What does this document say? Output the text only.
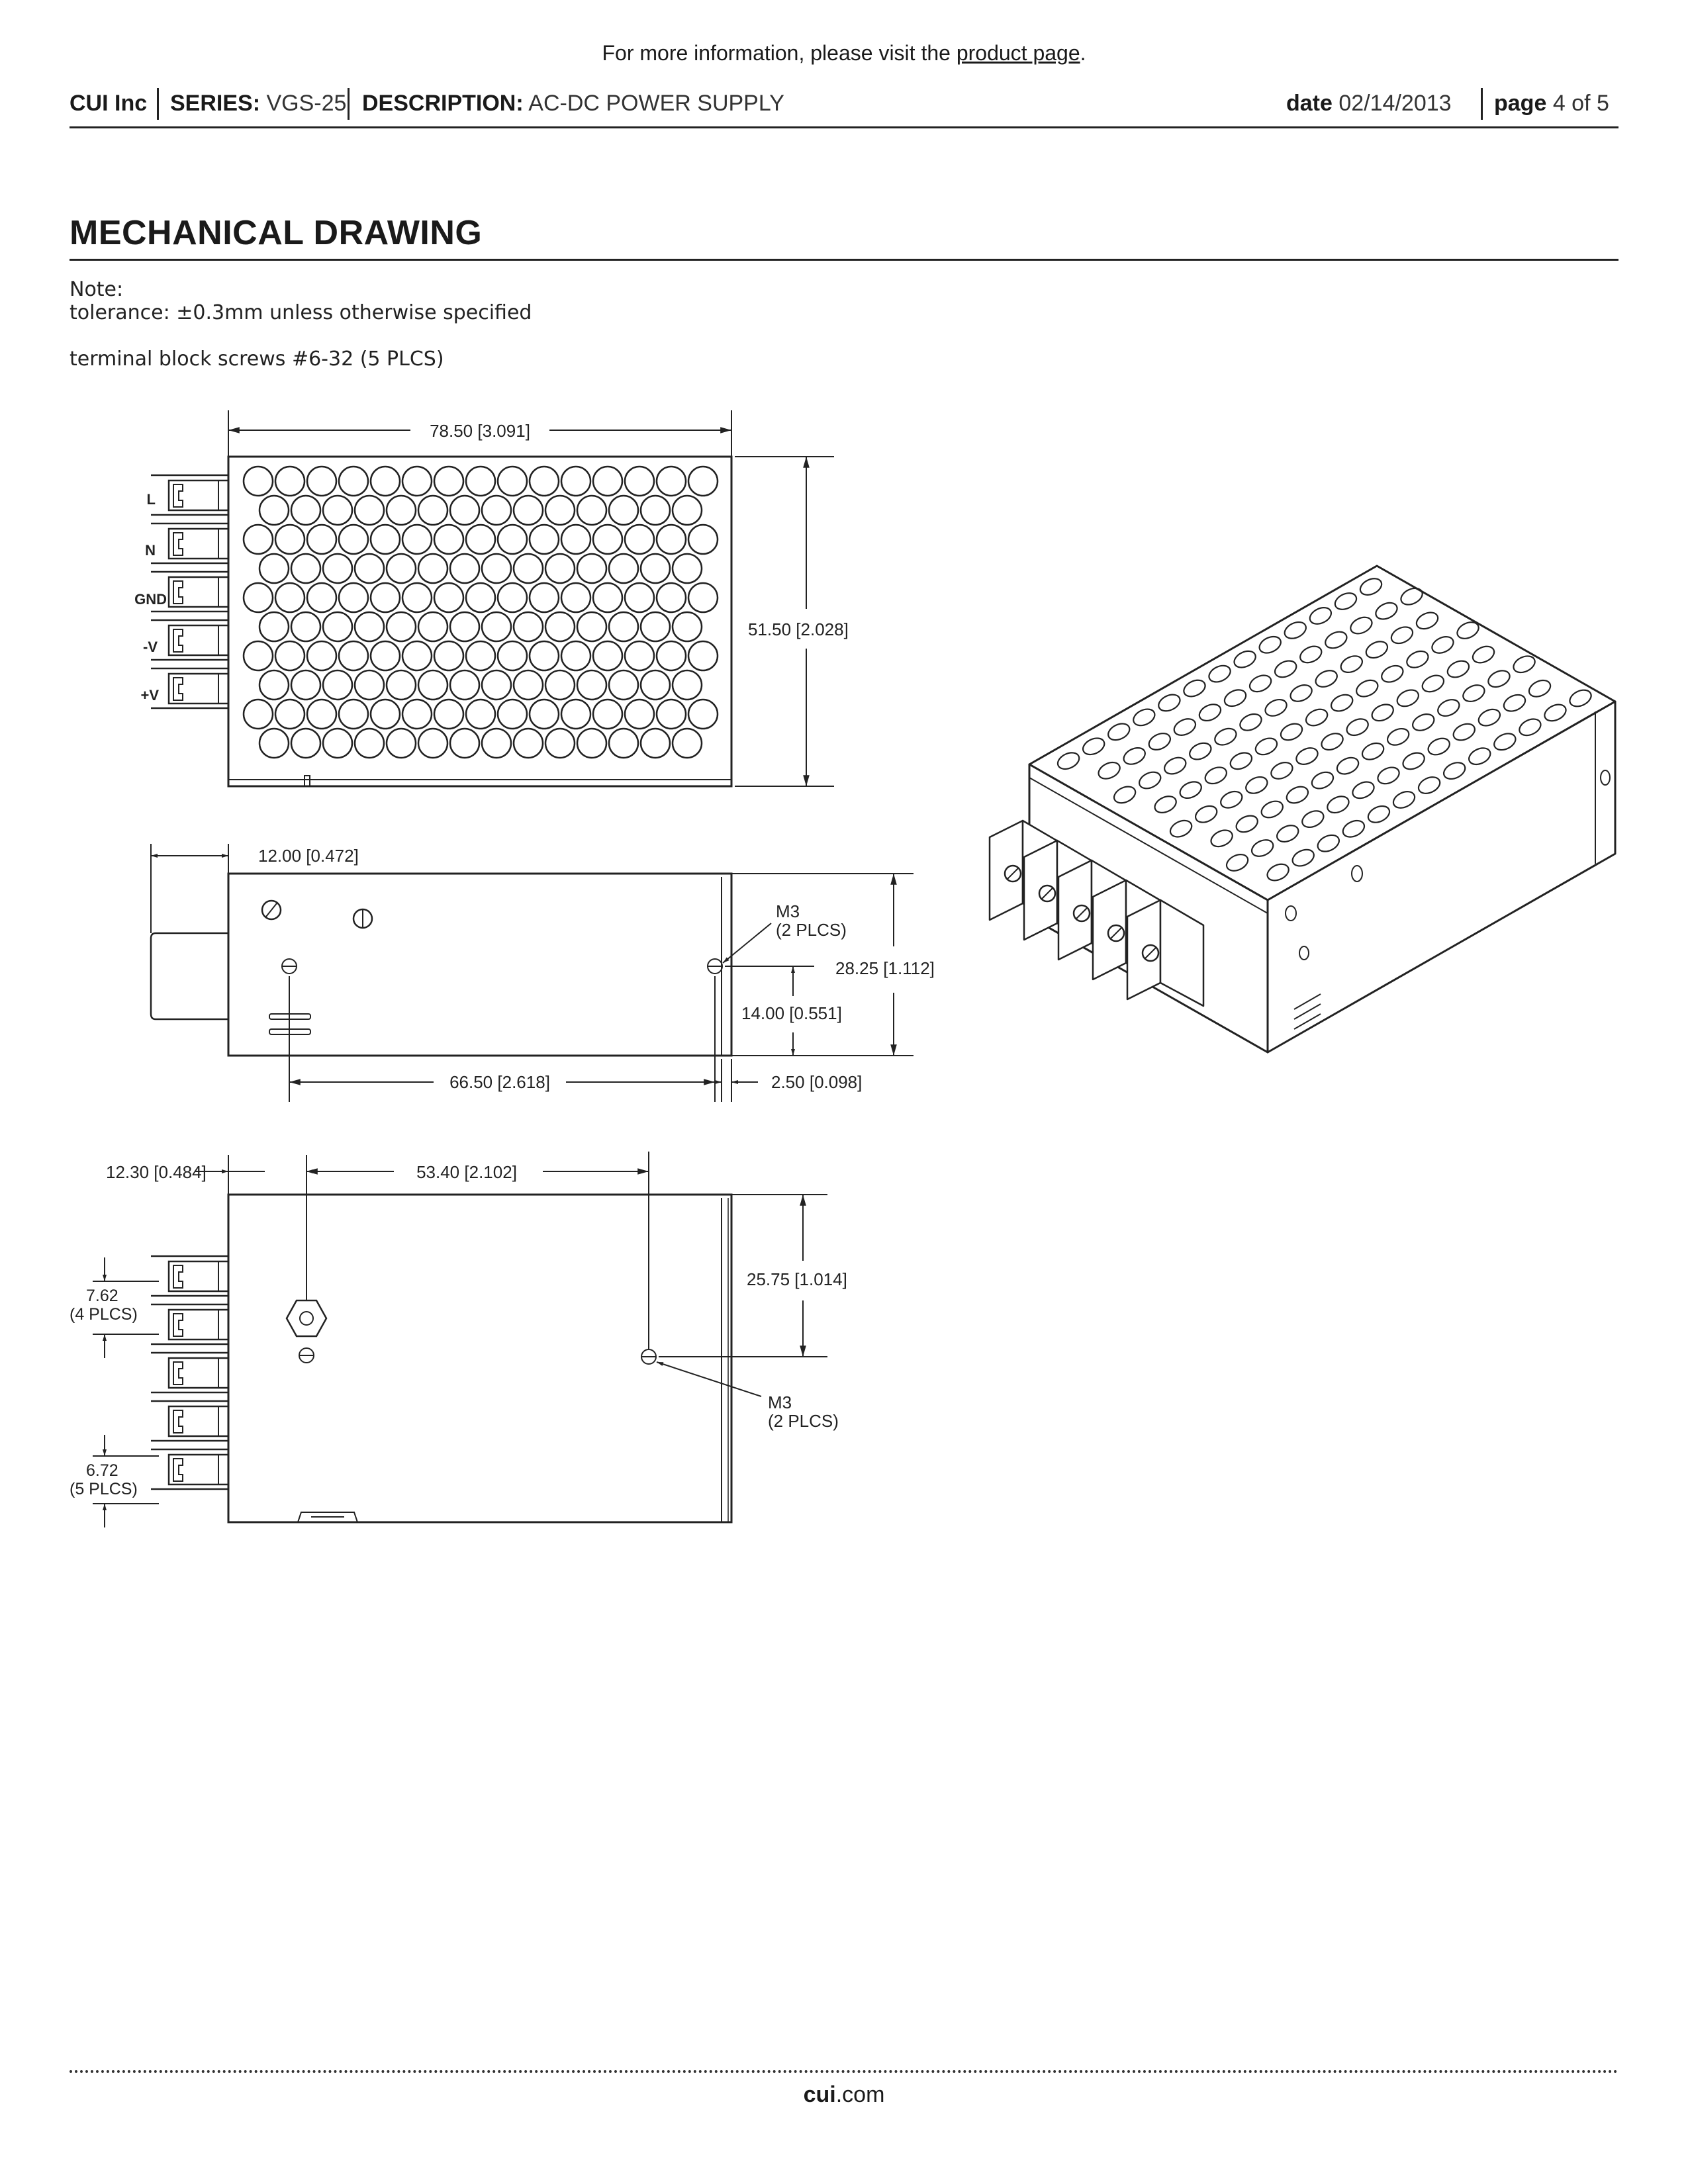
For more information, please visit the product page.
CUI Inc SERIES: VGS-25 DESCRIPTION: AC-DC POWER SUPPLY	date 02/14/2013 page 4 of 5
MECHANICAL DRAWING
Note:
tolerance: ±0.3mm unless otherwise specified
terminal block screws #6-32 (5 PLCS)
78.50 [3.091]
51.50 [2.028]
L
N
GND
-V
+V
12.00 [0.472]
M3
(2 PLCS)
28.25 [1.112]
14.00 [0.551]
66.50 [2.618]	2.50 [0.098]
12.30 [0.484]	53.40 [2.102]
25.75 [1.014]
7.62
(4 PLCS)
6.72
(5 PLCS)
M3
(2 PLCS)
cui.com
